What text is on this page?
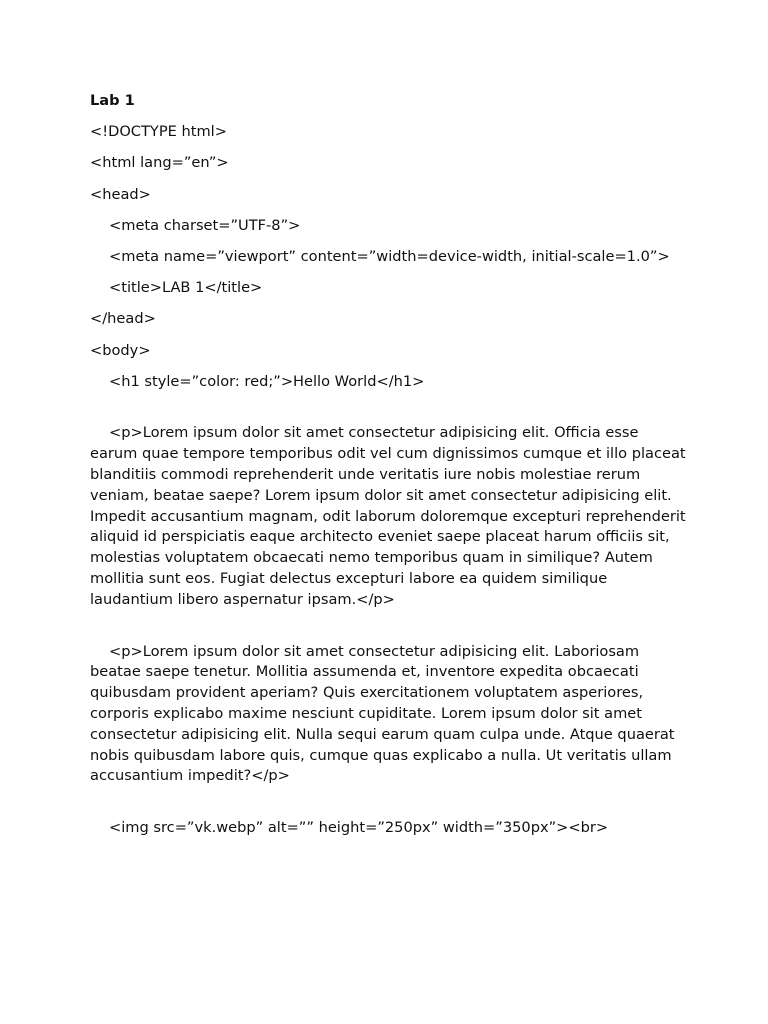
Lab 1
<!DOCTYPE html>
<html lang=”en”>
<head>
<meta charset=”UTF-8”>
<meta name=”viewport” content=”width=device-width, initial-scale=1.0”>
<title>LAB 1</title>
</head>
<body>
<h1 style=”color: red;”>Hello World</h1>
<p>Lorem ipsum dolor sit amet consectetur adipisicing elit. Officia esse earum quae tempore temporibus odit vel cum dignissimos cumque et illo placeat blanditiis commodi reprehenderit unde veritatis iure nobis molestiae rerum veniam, beatae saepe? Lorem ipsum dolor sit amet consectetur adipisicing elit. Impedit accusantium magnam, odit laborum doloremque excepturi reprehenderit aliquid id perspiciatis eaque architecto eveniet saepe placeat harum officiis sit, molestias voluptatem obcaecati nemo temporibus quam in similique? Autem mollitia sunt eos. Fugiat delectus excepturi labore ea quidem similique laudantium libero aspernatur ipsam.</p>
<p>Lorem ipsum dolor sit amet consectetur adipisicing elit. Laboriosam beatae saepe tenetur. Mollitia assumenda et, inventore expedita obcaecati quibusdam provident aperiam? Quis exercitationem voluptatem asperiores, corporis explicabo maxime nesciunt cupiditate. Lorem ipsum dolor sit amet consectetur adipisicing elit. Nulla sequi earum quam culpa unde. Atque quaerat nobis quibusdam labore quis, cumque quas explicabo a nulla. Ut veritatis ullam accusantium impedit?</p>
<img src=”vk.webp” alt=”” height=”250px” width=”350px”><br>
